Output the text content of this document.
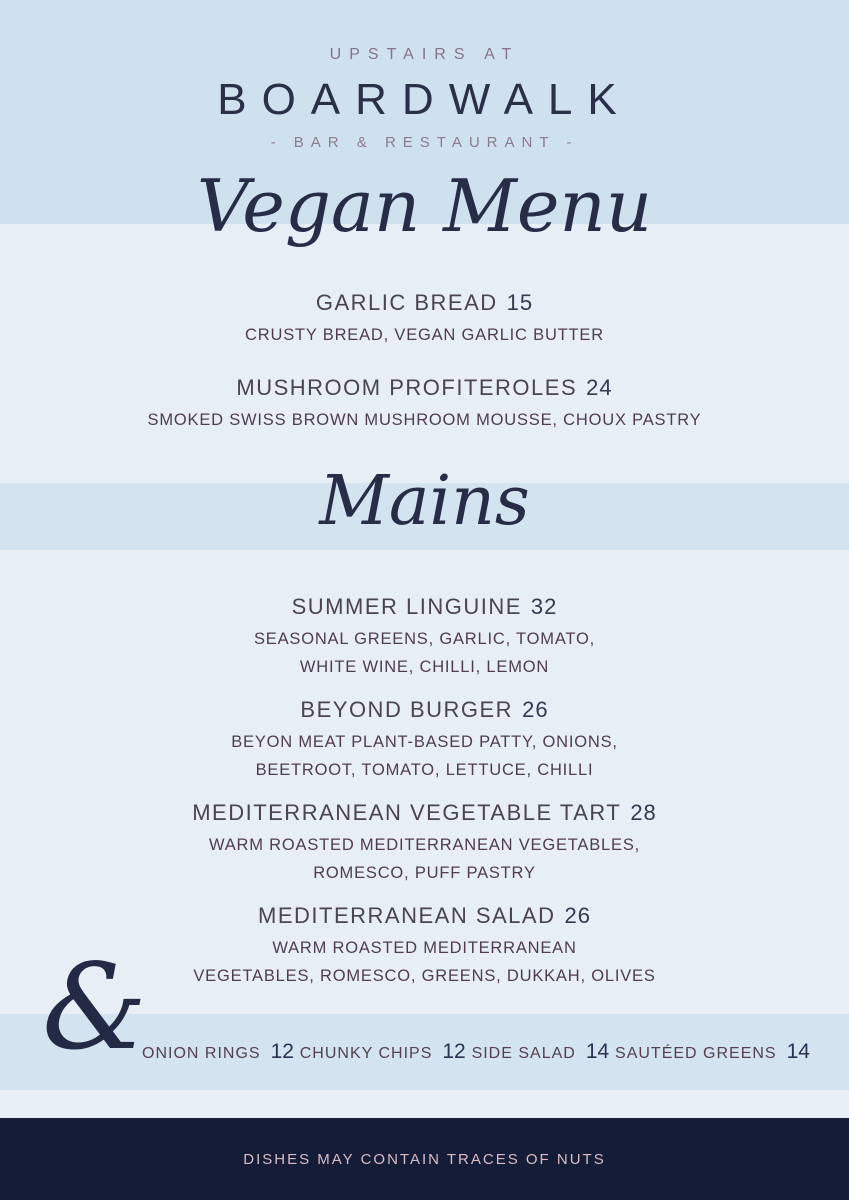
UPSTAIRS AT
BOARDWALK
- BAR & RESTAURANT -
Vegan Menu
GARLIC BREAD 15
CRUSTY BREAD, VEGAN GARLIC BUTTER
MUSHROOM PROFITEROLES 24
SMOKED SWISS BROWN MUSHROOM MOUSSE, CHOUX PASTRY
Mains
SUMMER LINGUINE 32
SEASONAL GREENS, GARLIC, TOMATO,
WHITE WINE, CHILLI, LEMON
BEYOND BURGER 26
BEYON MEAT PLANT-BASED PATTY, ONIONS,
BEETROOT, TOMATO, LETTUCE, CHILLI
MEDITERRANEAN VEGETABLE TART 28
WARM ROASTED MEDITERRANEAN VEGETABLES,
ROMESCO, PUFF PASTRY
MEDITERRANEAN SALAD 26
WARM ROASTED MEDITERRANEAN
VEGETABLES, ROMESCO, GREENS, DUKKAH, OLIVES
&
ONION RINGS 12 CHUNKY CHIPS 12 SIDE SALAD 14 SAUTÉED GREENS 14
DISHES MAY CONTAIN TRACES OF NUTS
